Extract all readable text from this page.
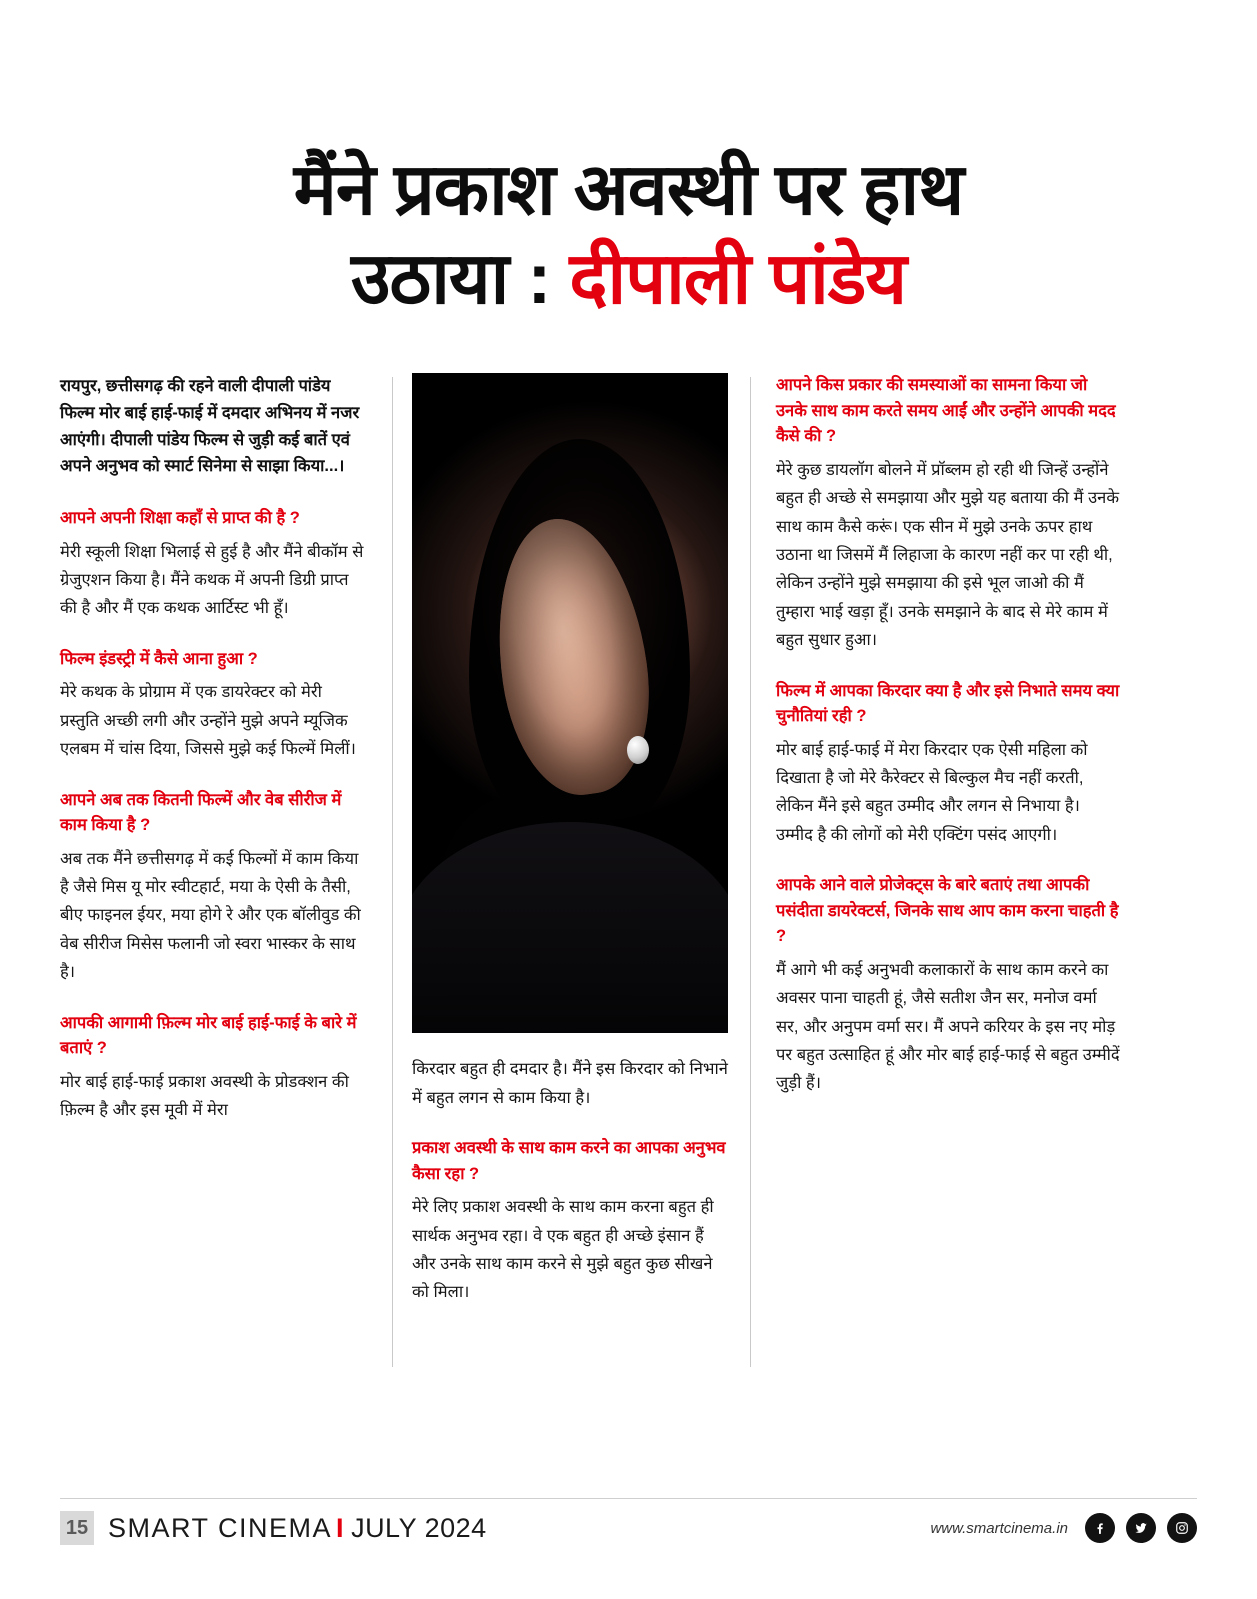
मैंने प्रकाश अवस्थी पर हाथ
उठाया : दीपाली पांडेय

रायपुर, छत्तीसगढ़ की रहने वाली दीपाली पांडेय फिल्म मोर बाई हाई-फाई में दमदार अभिनय में नजर आएंगी। दीपाली पांडेय फिल्म से जुड़ी कई बातें एवं अपने अनुभव को स्मार्ट सिनेमा से साझा किया...।

आपने अपनी शिक्षा कहाँ से प्राप्त की है ?

मेरी स्कूली शिक्षा भिलाई से हुई है और मैंने बीकॉम से ग्रेजुएशन किया है। मैंने कथक में अपनी डिग्री प्राप्त की है और मैं एक कथक आर्टिस्ट भी हूँ।

फिल्म इंडस्ट्री में कैसे आना हुआ ?

मेरे कथक के प्रोग्राम में एक डायरेक्टर को मेरी प्रस्तुति अच्छी लगी और उन्होंने मुझे अपने म्यूजिक एलबम में चांस दिया, जिससे मुझे कई फिल्में मिलीं।

आपने अब तक कितनी फिल्में और वेब सीरीज में काम किया है ?

अब तक मैंने छत्तीसगढ़ में कई फिल्मों में काम किया है जैसे मिस यू मोर स्वीटहार्ट, मया के ऐसी के तैसी, बीए फाइनल ईयर, मया होगे रे और एक बॉलीवुड की वेब सीरीज मिसेस फलानी जो स्वरा भास्कर के साथ है।

आपकी आगामी फ़िल्म मोर बाई हाई-फाई के बारे में बताएं ?

मोर बाई हाई-फाई प्रकाश अवस्थी के प्रोडक्शन की फ़िल्म है और इस मूवी में मेरा

किरदार बहुत ही दमदार है। मैंने इस किरदार को निभाने में बहुत लगन से काम किया है।

प्रकाश अवस्थी के साथ काम करने का आपका अनुभव कैसा रहा ?

मेरे लिए प्रकाश अवस्थी के साथ काम करना बहुत ही सार्थक अनुभव रहा। वे एक बहुत ही अच्छे इंसान हैं और उनके साथ काम करने से मुझे बहुत कुछ सीखने को मिला।

आपने किस प्रकार की समस्याओं का सामना किया जो उनके साथ काम करते समय आईं और उन्होंने आपकी मदद कैसे की ?

मेरे कुछ डायलॉग बोलने में प्रॉब्लम हो रही थी जिन्हें उन्होंने बहुत ही अच्छे से समझाया और मुझे यह बताया की मैं उनके साथ काम कैसे करूं। एक सीन में मुझे उनके ऊपर हाथ उठाना था जिसमें मैं लिहाजा के कारण नहीं कर पा रही थी, लेकिन उन्होंने मुझे समझाया की इसे भूल जाओ की मैं तुम्हारा भाई खड़ा हूँ। उनके समझाने के बाद से मेरे काम में बहुत सुधार हुआ।

फिल्म में आपका किरदार क्या है और इसे निभाते समय क्या चुनौतियां रही ?

मोर बाई हाई-फाई में मेरा किरदार एक ऐसी महिला को दिखाता है जो मेरे कैरेक्टर से बिल्कुल मैच नहीं करती, लेकिन मैंने इसे बहुत उम्मीद और लगन से निभाया है। उम्मीद है की लोगों को मेरी एक्टिंग पसंद आएगी।

आपके आने वाले प्रोजेक्ट्स के बारे बताएं तथा आपकी पसंदीता डायरेक्टर्स, जिनके साथ आप काम करना चाहती है ?

मैं आगे भी कई अनुभवी कलाकारों के साथ काम करने का अवसर पाना चाहती हूं, जैसे सतीश जैन सर, मनोज वर्मा सर, और अनुपम वर्मा सर। मैं अपने करियर के इस नए मोड़ पर बहुत उत्साहित हूं और मोर बाई हाई-फाई से बहुत उम्मीदें जुड़ी हैं।

15 SMART CINEMA I JULY 2024	www.smartcinema.in
